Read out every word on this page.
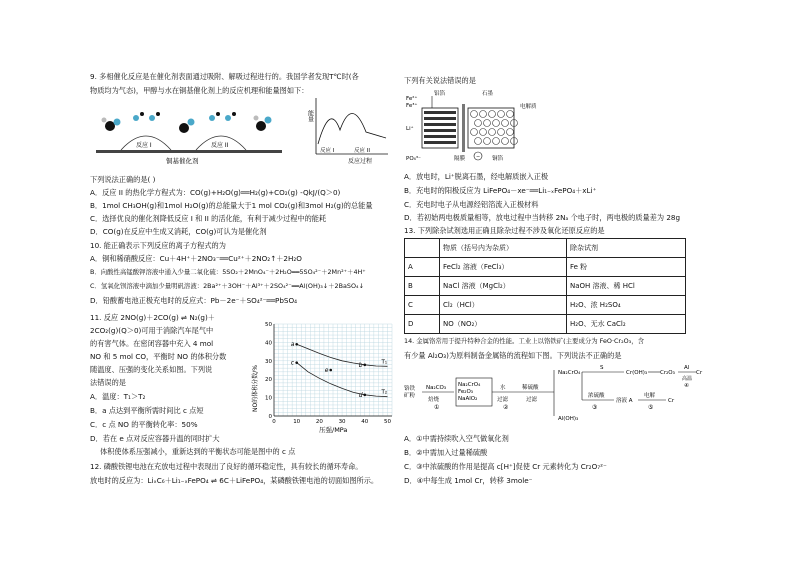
9. 多相催化反应是在催化剂表面通过吸附、解吸过程进行的。我国学者发现T℃时(各
物质均为气态)，甲醇与水在铜基催化剂上的反应机理和能量图如下：
反应 I	反应 II
铜基催化剂
能量
反应 I	反应 II
反应过程
下列说法正确的是( )
A．反应 II 的热化学方程式为：CO(g)+H₂O(g)══H₂(g)+CO₂(g) -QkJ/(Q＞0)
B．1mol CH₃OH(g)和1mol H₂O(g)的总能量大于1 mol CO₂(g)和3mol H₂(g)的总能量
C．选择优良的催化剂降低反应 I 和 II 的活化能，有利于减少过程中的能耗
D．CO(g)在反应中生成又消耗，CO(g)可认为是催化剂
10. 能正确表示下列反应的离子方程式的为
A．铜和稀硝酸反应：Cu＋4H⁺＋2NO₃⁻══Cu²⁺＋2NO₂↑＋2H₂O
B．向酸性高锰酸钾溶液中通入少量二氧化硫：5SO₂＋2MnO₄⁻＋2H₂O══5SO₄²⁻＋2Mn²⁺＋4H⁺
C．氢氧化钡溶液中滴加少量明矾溶液：2Ba²⁺＋3OH⁻＋Al³⁺＋2SO₄²⁻══Al(OH)₃↓＋2BaSO₄↓
D．铅酸蓄电池正极充电时的反应式：Pb－2e⁻＋SO₄²⁻══PbSO₄
11. 反应 2NO(g)＋2CO(g) ⇌ N₂(g)＋
2CO₂(g)(Q＞0)可用于消除汽车尾气中
的有害气体。在密闭容器中充入 4 mol
NO 和 5 mol CO，平衡时 NO 的体积分数
随温度、压强的变化关系如图。下列说
法错误的是
A．温度：T₁＞T₂
B．a 点达到平衡所需时间比 c 点短
C．c 点 NO 的平衡转化率：50%
D．若在 e 点对反应容器升温的同时扩大
体积使体系压强减小，重新达到的平衡状态可能是图中的 c 点
12. 磷酸铁锂电池在充放电过程中表现出了良好的循环稳定性，具有较长的循环寿命。
放电时的反应为：LiₓC₆＋Li₁₋ₓFePO₄ ⇌ 6C＋LiFePO₄，某磷酸铁锂电池的切面如图所示。
0	10	20	30	40	50
0
10
20
30
40
50
T₁
T₂
a
b
c
d
e
压强/MPa
NO的体积分数/%
下列有关说法错误的是
Fe²⁺ Fe³⁺
Li⁺
PO₄³⁻
铝箔	石墨
电解质
隔膜 − 铜箔
A．放电时，Li⁺脱离石墨，经电解质嵌入正极
B．充电时的阳极反应为 LiFePO₄－xe⁻══Li₁₋ₓFePO₄＋xLi⁺
C．充电时电子从电源经铝箔流入正极材料
D．若初始两电极质量相等，放电过程中当转移 2Nₐ 个电子时，两电极的质量差为 28g
13. 下列除杂试剂选用正确且除杂过程不涉及氧化还原反应的是
	物质（括号内为杂质）	除杂试剂
A	FeCl₂ 溶液（FeCl₃）	Fe 粉
B	NaCl 溶液（MgCl₂）	NaOH 溶液、稀 HCl
C	Cl₂（HCl）	H₂O、浓 H₂SO₄
D	NO（NO₂）	H₂O、无水 CaCl₂
14. 金属铬常用于提升特种合金的性能。工业上以铬铁矿(主要成分为 FeO·Cr₂O₃，含
有少量 Al₂O₃)为原料制备金属铬的流程如下图。下列说法不正确的是
铬铁矿粉
Na₂CO₃
焙烧
①
Na₂CrO₄ Fe₂O₃ NaAlO₂
水
过滤
②
稀硫酸
过滤
Na₂CrO₄
Al(OH)₃
S
Cr(OH)₃ Cr₂O₃
Al
高温
④
Cr
浓硫酸
③
溶液 A
电解
⑤
Cr
A．①中需持续吹入空气做氧化剂
B．②中需加入过量稀硫酸
C．③中浓硫酸的作用是提高 c[H⁺]促使 Cr 元素转化为 Cr₂O₇²⁻
D．④中每生成 1mol Cr，转移 3mole⁻
